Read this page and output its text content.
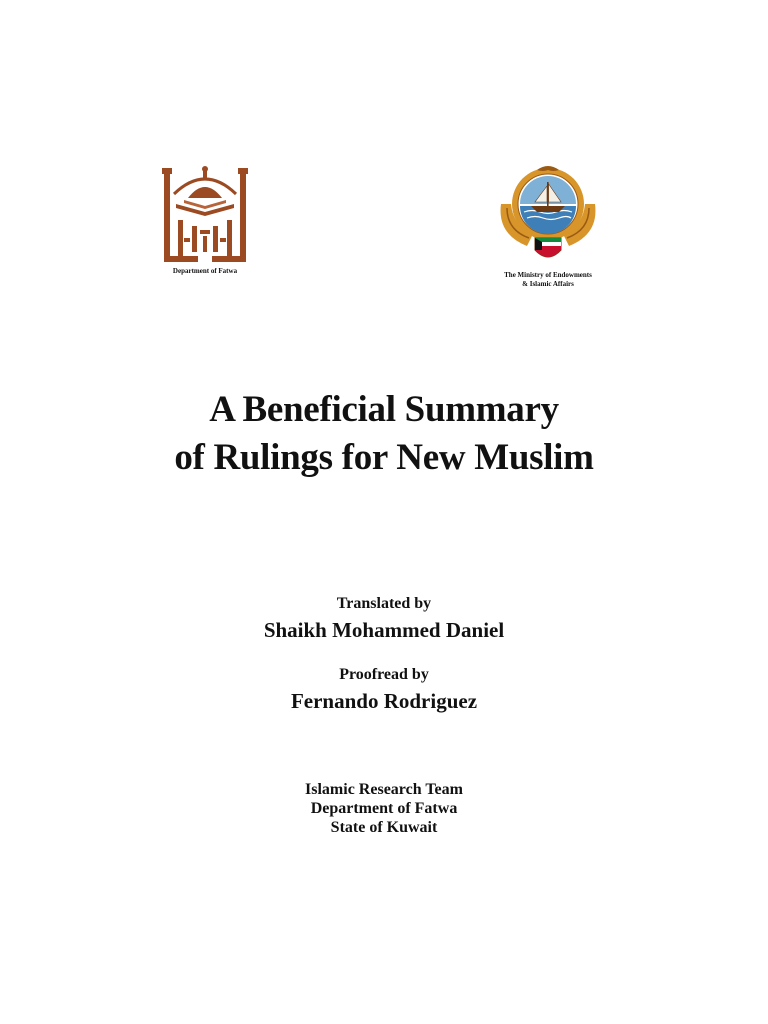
Department of Fatwa	The Ministry of Endowments
& Islamic Affairs
A Beneficial Summary
of Rulings for New Muslim
Translated by
Shaikh Mohammed Daniel
Proofread by
Fernando Rodriguez
Islamic Research Team
Department of Fatwa
State of Kuwait
